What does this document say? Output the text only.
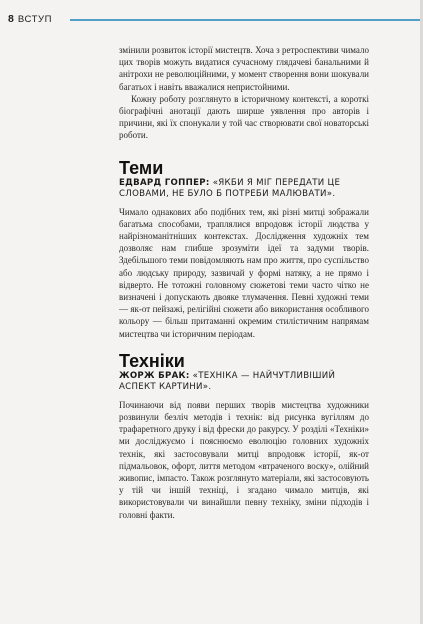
8 ВСТУП

змінили розвиток історії мистецтв. Хоча з ретроспективи чимало цих творів можуть видатися сучасному глядачеві банальними й анітрохи не революційними, у момент створення вони шокували багатьох і навіть вважалися непристойними.

Кожну роботу розглянуто в історичному контексті, а короткі біографічні анотації дають ширше уявлення про авторів і причини, які їх спонукали у той час створювати свої новаторські роботи.

Теми

ЕДВАРД ГОППЕР: «ЯКБИ Я МІГ ПЕРЕДАТИ ЦЕ СЛОВАМИ, НЕ БУЛО Б ПОТРЕБИ МАЛЮВАТИ».

Чимало однакових або подібних тем, які різні митці зображали багатьма способами, траплялися впродовж історії людства у найрізноманітніших контекстах. Дослідження художніх тем дозволяє нам глибше зрозуміти ідеї та задуми творів. Здебільшого теми повідомляють нам про життя, про суспільство або людську природу, зазвичай у формі натяку, а не прямо і відверто. Не тотожні головному сюжетові теми часто чітко не визначені і допускають двояке тлумачення. Певні художні теми — як-от пейзажі, релігійні сюжети або використання особливого кольору — більш притаманні окремим стилістичним напрямам мистецтва чи історичним періодам.

Техніки

ЖОРЖ БРАК: «ТЕХНІКА — НАЙЧУТЛИВІШИЙ АСПЕКТ КАРТИНИ».

Починаючи від появи перших творів мистецтва художники розвинули безліч методів і технік: від рисунка вугіллям до трафаретного друку і від фрески до ракурсу. У розділі «Техніки» ми досліджуємо і пояснюємо еволюцію головних художніх технік, які застосовували митці впродовж історії, як-от пiдмальовок, офорт, лиття методом «втраченого воску», олійний живопис, імпасто. Також розглянуто матеріали, які застосовують у тій чи іншій техніці, і згадано чимало митців, які використовували чи винайшли певну техніку, зміни підходів і головні факти.
